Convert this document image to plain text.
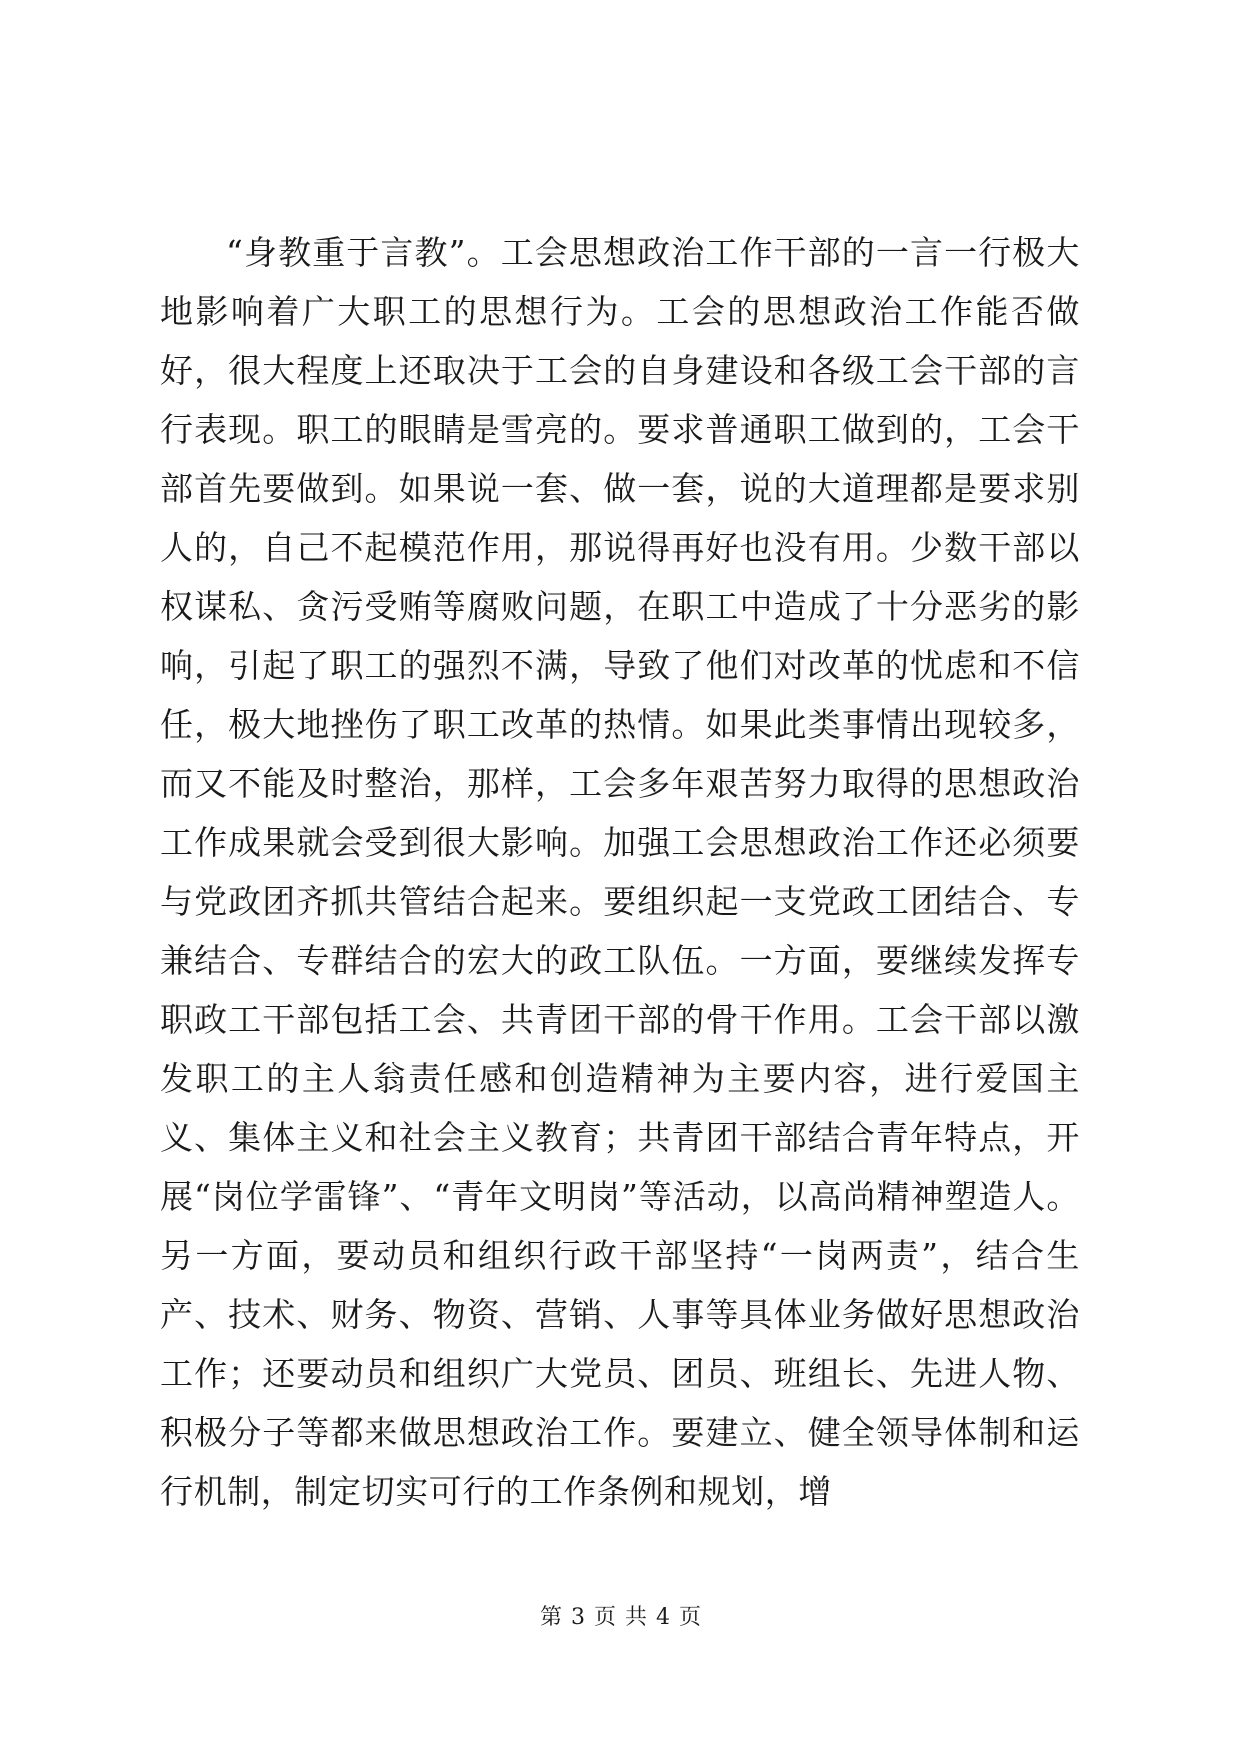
“身教重于言教”。工会思想政治工作干部的一言一行极大地影响着广大职工的思想行为。工会的思想政治工作能否做好，很大程度上还取决于工会的自身建设和各级工会干部的言行表现。职工的眼睛是雪亮的。要求普通职工做到的，工会干部首先要做到。如果说一套、做一套，说的大道理都是要求别人的，自己不起模范作用，那说得再好也没有用。少数干部以权谋私、贪污受贿等腐败问题，在职工中造成了十分恶劣的影响，引起了职工的强烈不满，导致了他们对改革的忧虑和不信任，极大地挫伤了职工改革的热情。如果此类事情出现较多，而又不能及时整治，那样，工会多年艰苦努力取得的思想政治工作成果就会受到很大影响。加强工会思想政治工作还必须要与党政团齐抓共管结合起来。要组织起一支党政工团结合、专兼结合、专群结合的宏大的政工队伍。一方面，要继续发挥专职政工干部包括工会、共青团干部的骨干作用。工会干部以激发职工的主人翁责任感和创造精神为主要内容，进行爱国主义、集体主义和社会主义教育；共青团干部结合青年特点，开展“岗位学雷锋”、“青年文明岗”等活动，以高尚精神塑造人。另一方面，要动员和组织行政干部坚持“一岗两责”，结合生产、技术、财务、物资、营销、人事等具体业务做好思想政治工作；还要动员和组织广大党员、团员、班组长、先进人物、积极分子等都来做思想政治工作。要建立、健全领导体制和运行机制，制定切实可行的工作条例和规划，增

第 3 页 共 4 页
